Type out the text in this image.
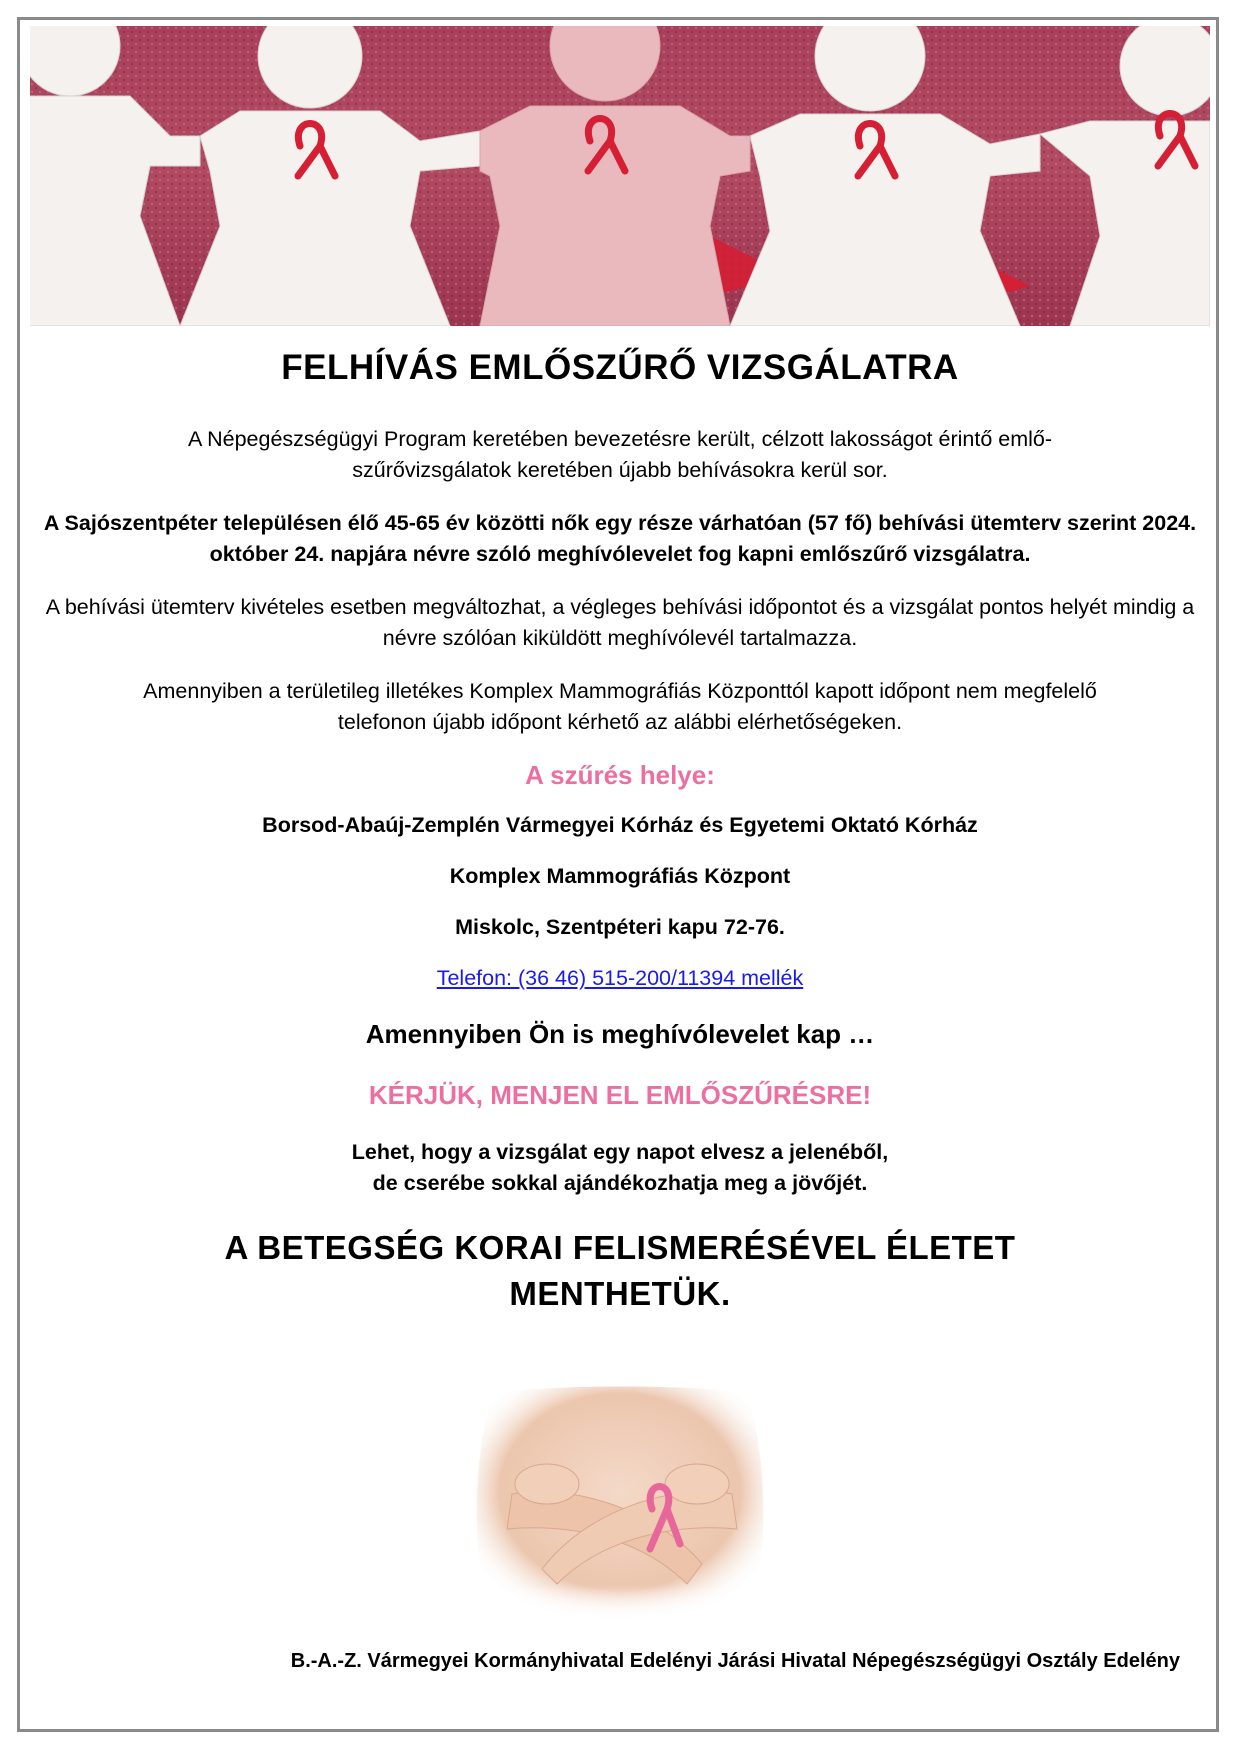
FELHÍVÁS EMLŐSZŰRŐ VIZSGÁLATRA

A Népegészségügyi Program keretében bevezetésre került, célzott lakosságot érintő emlő-szűrővizsgálatok keretében újabb behívásokra kerül sor.

A Sajószentpéter településen élő 45-65 év közötti nők egy része várhatóan (57 fő) behívási ütemterv szerint 2024. október 24. napjára névre szóló meghívólevelet fog kapni emlőszűrő vizsgálatra.

A behívási ütemterv kivételes esetben megváltozhat, a végleges behívási időpontot és a vizsgálat pontos helyét mindig a névre szólóan kiküldött meghívólevél tartalmazza.

Amennyiben a területileg illetékes Komplex Mammográfiás Központtól kapott időpont nem megfelelő telefonon újabb időpont kérhető az alábbi elérhetőségeken.

A szűrés helye:
Borsod-Abaúj-Zemplén Vármegyei Kórház és Egyetemi Oktató Kórház
Komplex Mammográfiás Központ
Miskolc, Szentpéteri kapu 72-76.
Telefon: (36 46) 515-200/11394 mellék
Amennyiben Ön is meghívólevelet kap …
KÉRJÜK, MENJEN EL EMLŐSZŰRÉSRE!
Lehet, hogy a vizsgálat egy napot elvesz a jelenéből,
de cserébe sokkal ajándékozhatja meg a jövőjét.
A BETEGSÉG KORAI FELISMERÉSÉVEL ÉLETET
MENTHETÜK.
B.-A.-Z. Vármegyei Kormányhivatal Edelényi Járási Hivatal Népegészségügyi Osztály Edelény
